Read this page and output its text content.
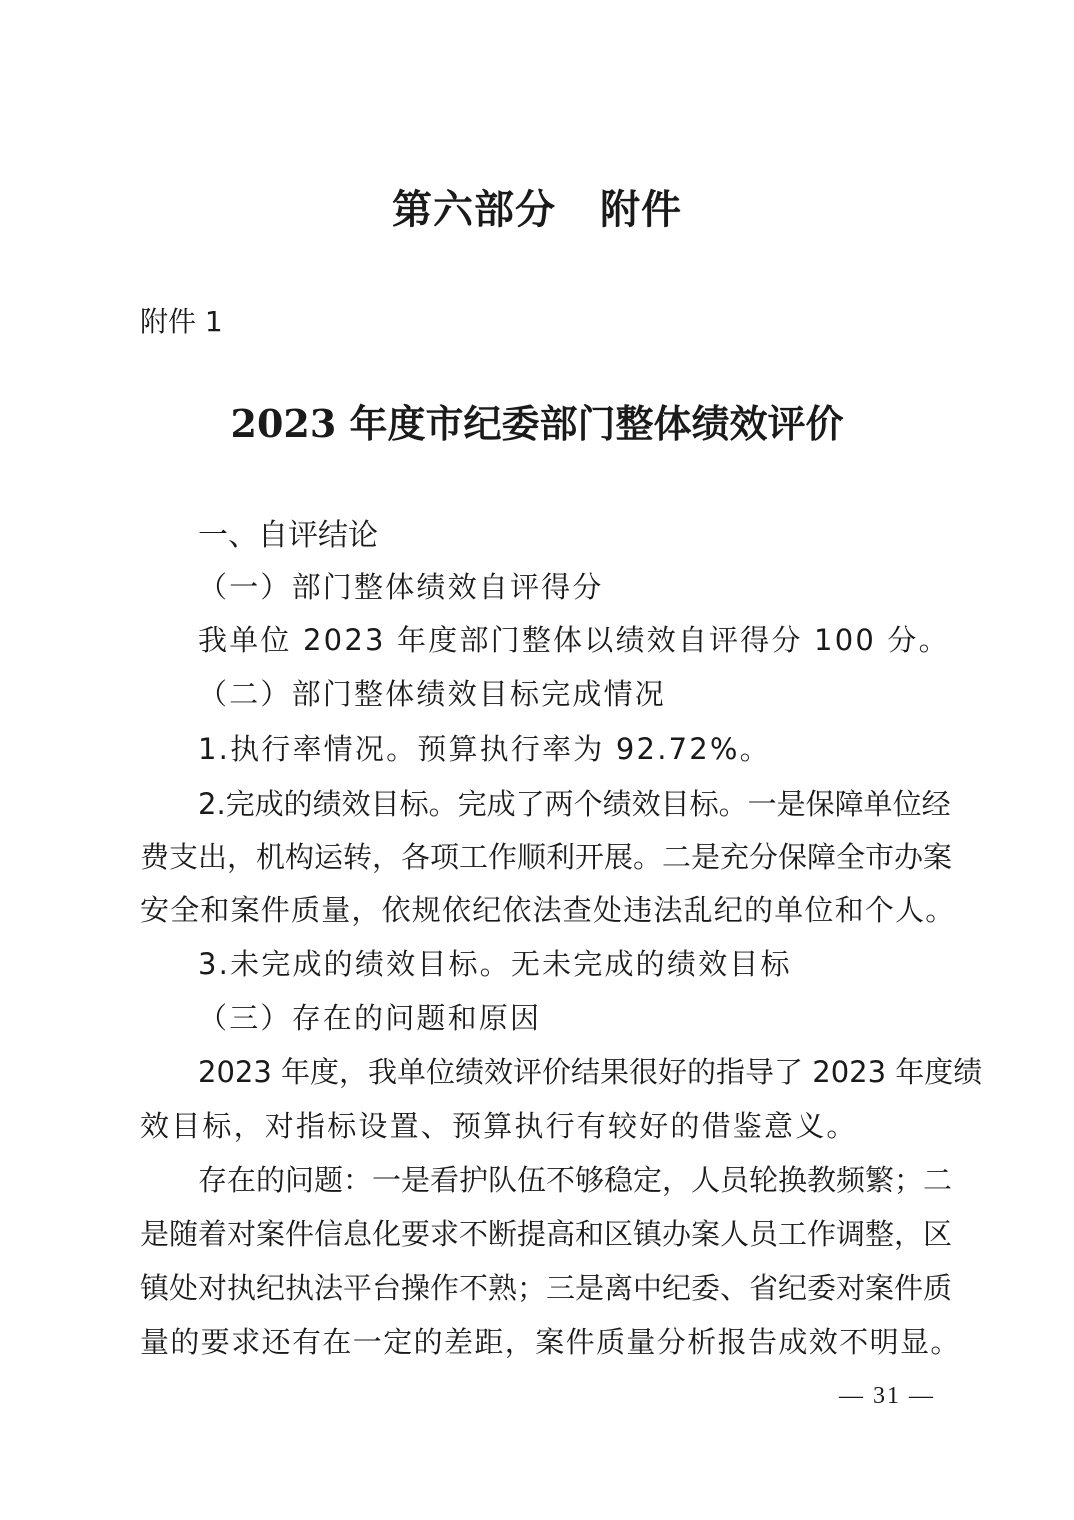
第六部分 附件
附件 1
2023 年度市纪委部门整体绩效评价
一、自评结论
（一）部门整体绩效自评得分
我单位 2023 年度部门整体以绩效自评得分 100 分。
（二）部门整体绩效目标完成情况
1.执行率情况。预算执行率为 92.72%。
2.完成的绩效目标。完成了两个绩效目标。一是保障单位经
费支出，机构运转，各项工作顺利开展。二是充分保障全市办案
安全和案件质量，依规依纪依法查处违法乱纪的单位和个人。
3.未完成的绩效目标。无未完成的绩效目标
（三）存在的问题和原因
2023 年度，我单位绩效评价结果很好的指导了 2023 年度绩
效目标，对指标设置、预算执行有较好的借鉴意义。
存在的问题：一是看护队伍不够稳定，人员轮换教频繁；二
是随着对案件信息化要求不断提高和区镇办案人员工作调整，区
镇处对执纪执法平台操作不熟；三是离中纪委、省纪委对案件质
量的要求还有在一定的差距，案件质量分析报告成效不明显。
— 31 —
